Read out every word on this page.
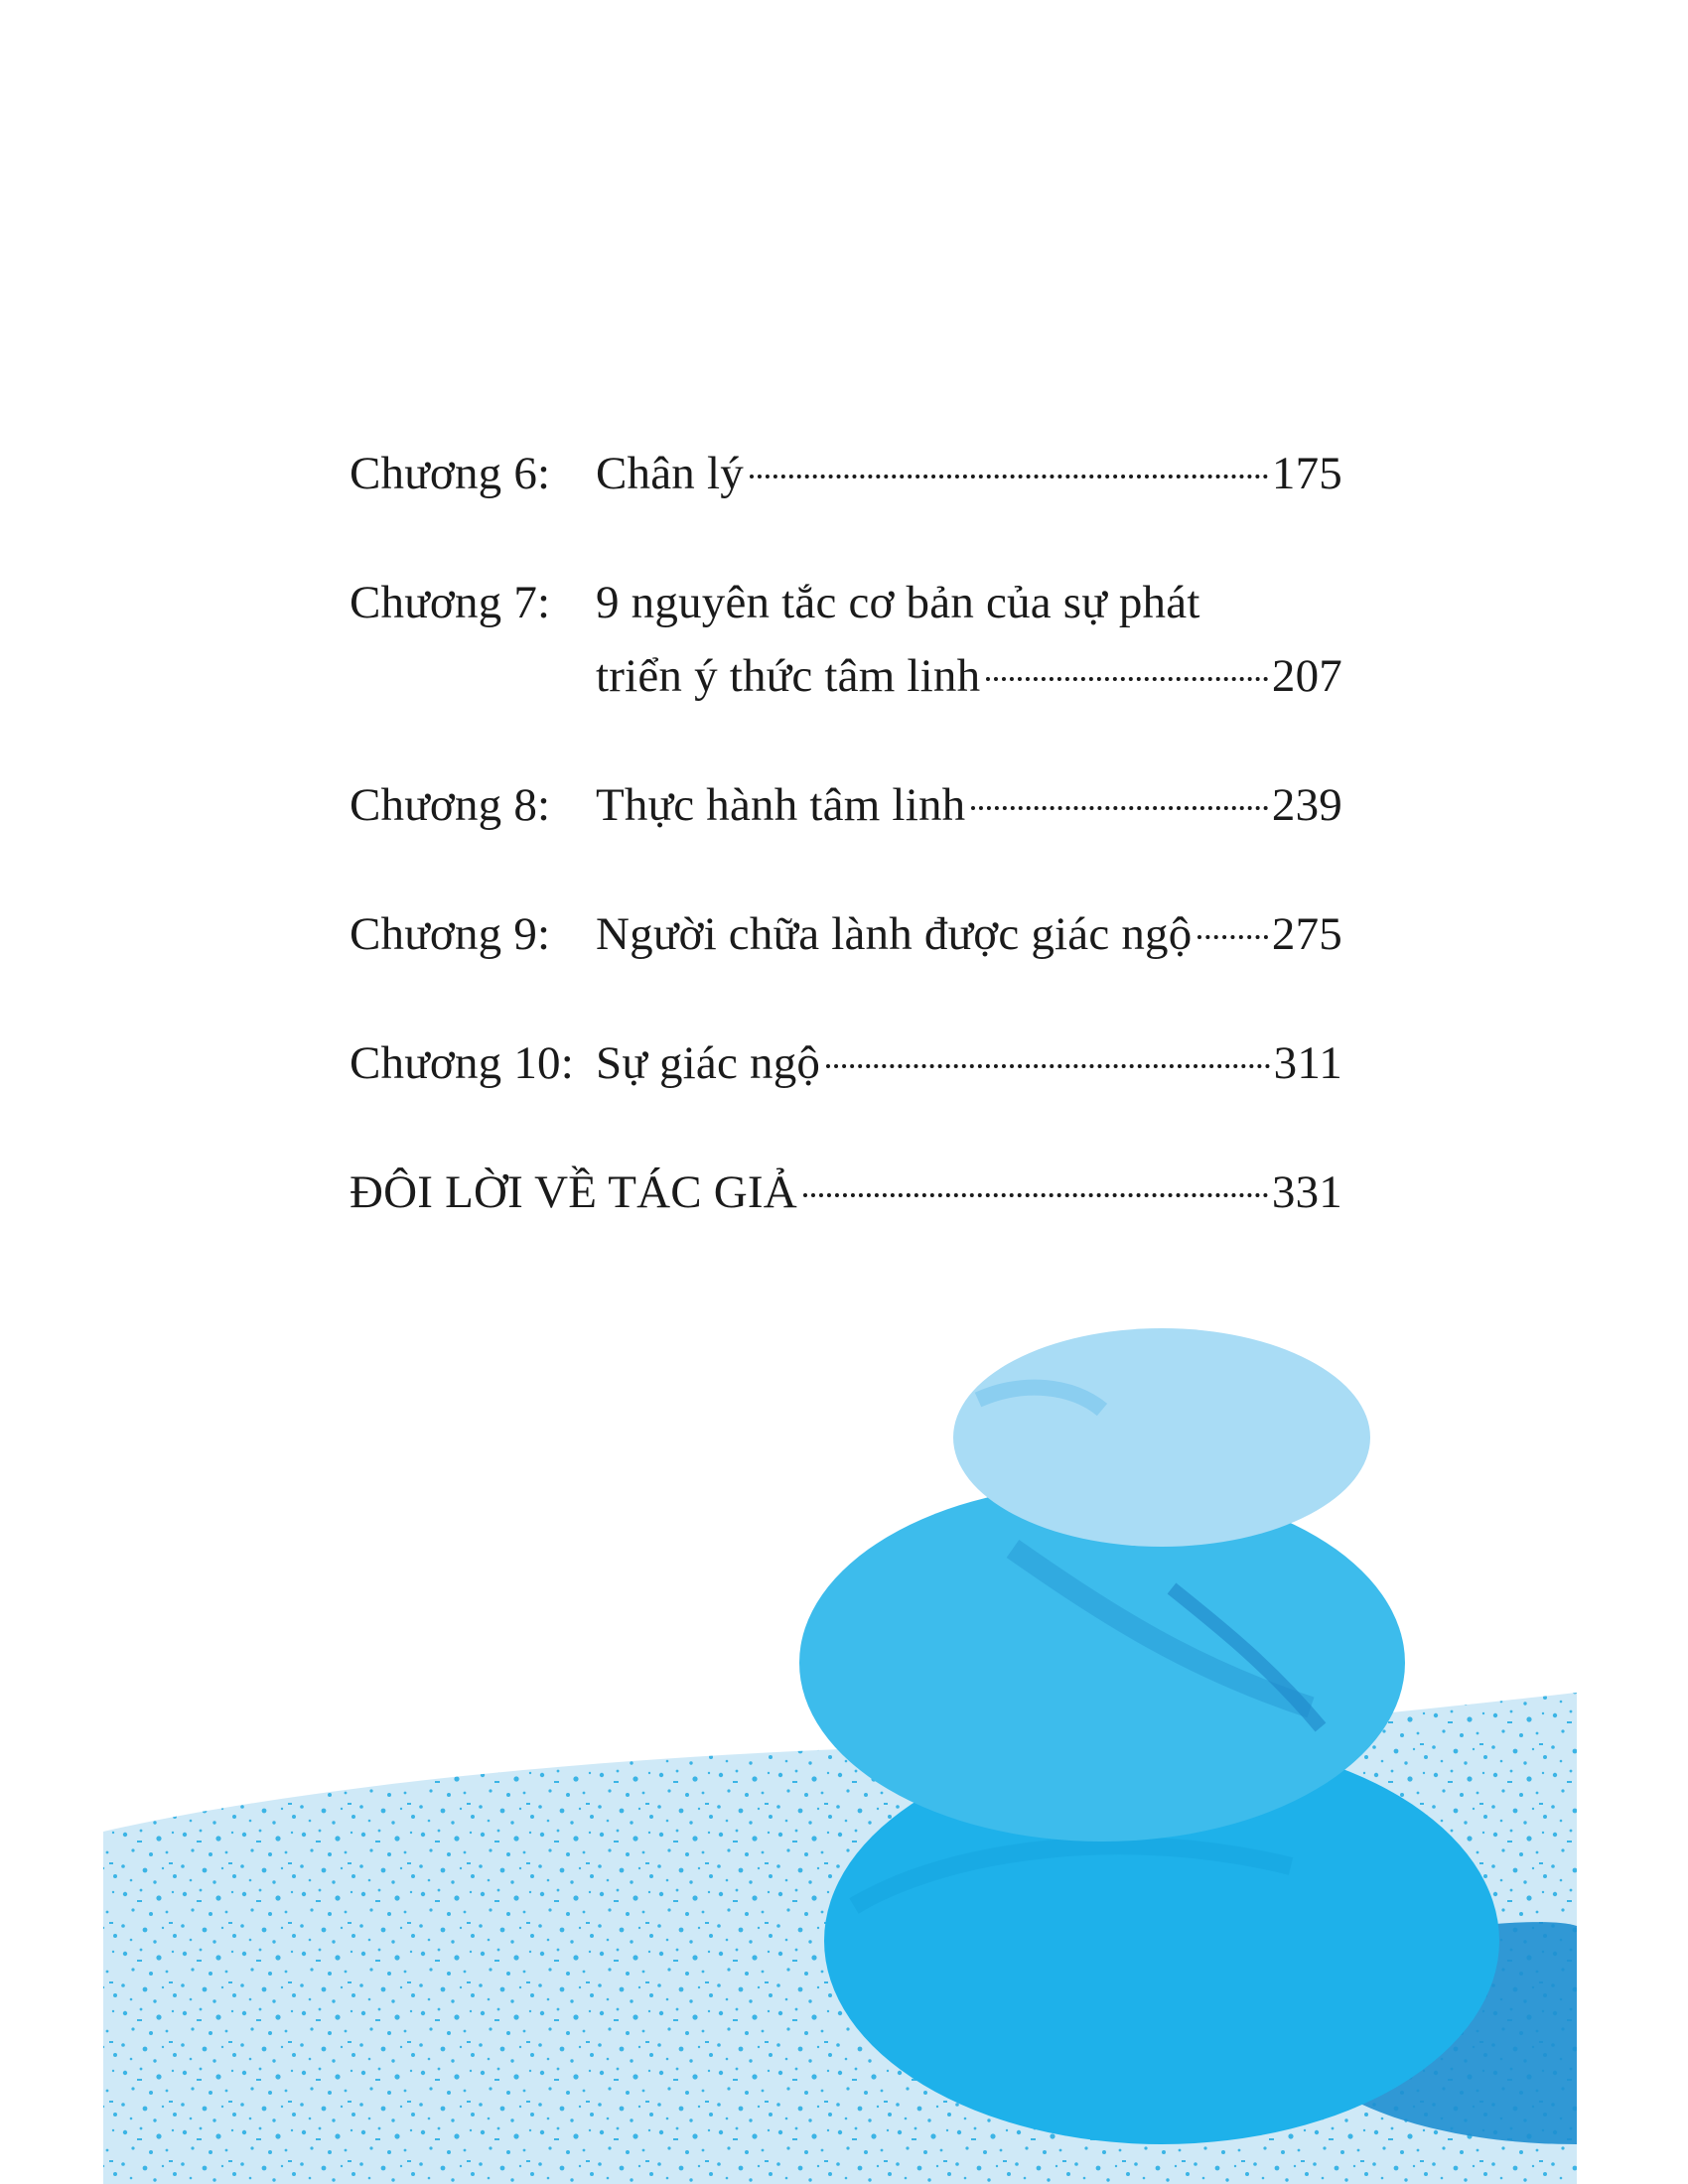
Chương 6: Chân lý	175
Chương 7: 9 nguyên tắc cơ bản của sự phát
triển ý thức tâm linh	207
Chương 8: Thực hành tâm linh	239
Chương 9: Người chữa lành được giác ngộ 275
Chương 10: Sự giác ngộ	311
ĐÔI LỜI VỀ TÁC GIẢ	331
